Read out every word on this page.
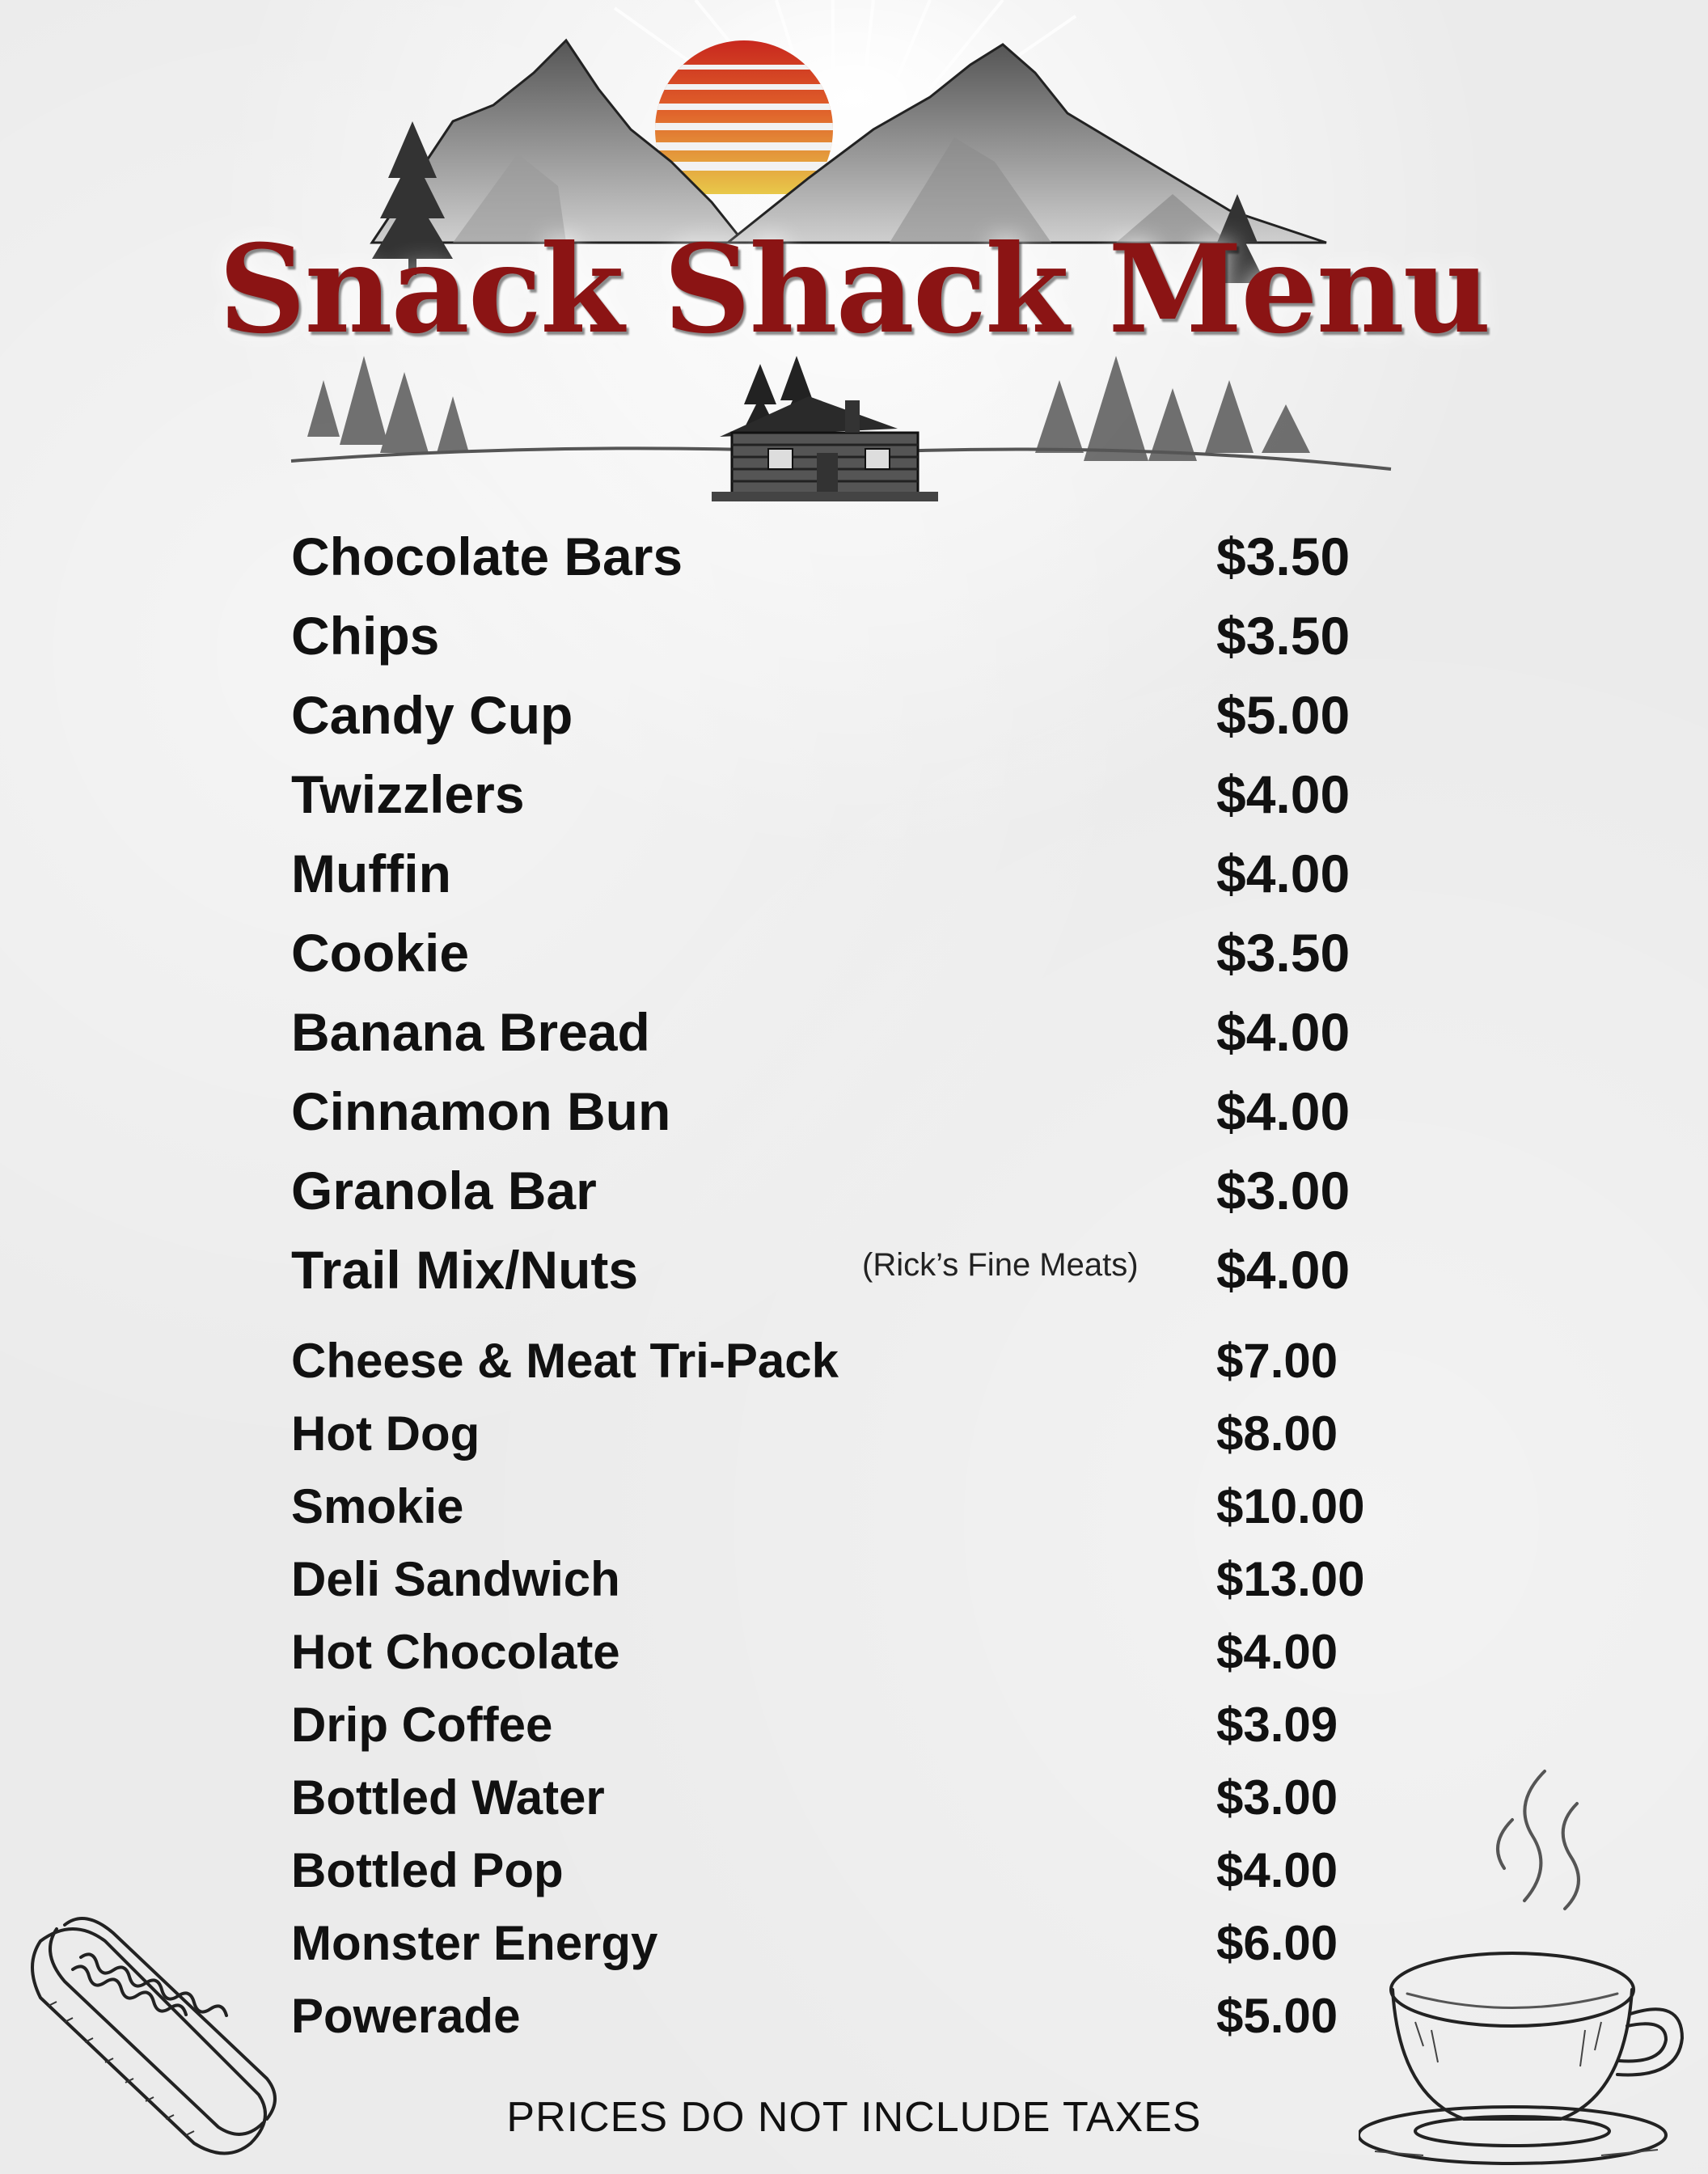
Snack Shack Menu
Chocolate Bars	$3.50
Chips	$3.50
Candy Cup	$5.00
Twizzlers	$4.00
Muffin	$4.00
Cookie	$3.50
Banana Bread	$4.00
Cinnamon Bun	$4.00
Granola Bar	$3.00
Trail Mix/Nuts	$4.00
(Rick’s Fine Meats)
Cheese & Meat Tri-Pack	$7.00
Hot Dog	$8.00
Smokie	$10.00
Deli Sandwich	$13.00
Hot Chocolate	$4.00
Drip Coffee	$3.09
Bottled Water	$3.00
Bottled Pop	$4.00
Monster Energy	$6.00
Powerade	$5.00
PRICES DO NOT INCLUDE TAXES
